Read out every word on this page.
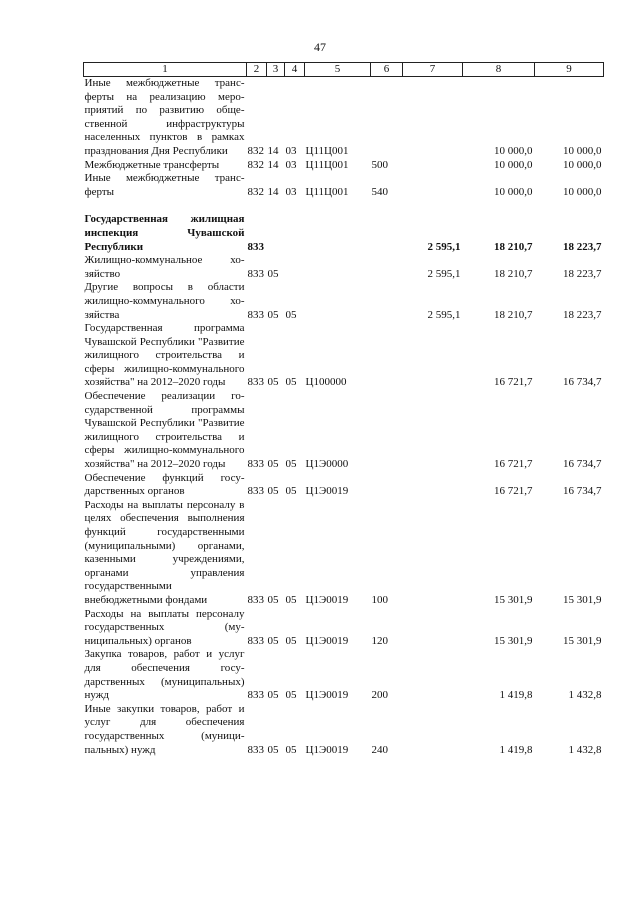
47
1	2	3	4	5	6	7	8	9
Иные межбюджетные трансферты на реализацию мероприятий по развитию общественной инфраструктуры населенных пунктов в рамках празднования Дня Республики	832	14	03	Ц11Ц001			10 000,0	10 000,0
Межбюджетные трансферты	832	14	03	Ц11Ц001	500		10 000,0	10 000,0
Иные межбюджетные трансферты	832	14	03	Ц11Ц001	540		10 000,0	10 000,0

Государственная жилищная инспекция Чувашской Республики	833					2 595,1	18 210,7	18 223,7
Жилищно-коммунальное хозяйство	833	05				2 595,1	18 210,7	18 223,7
Другие вопросы в области жилищно-коммунального хозяйства	833	05	05			2 595,1	18 210,7	18 223,7
Государственная программа Чувашской Республики "Развитие жилищного строительства и сферы жилищно-коммунального хозяйства" на 2012–2020 годы	833	05	05	Ц100000			16 721,7	16 734,7
Обеспечение реализации государственной программы Чувашской Республики "Развитие жилищного строительства и сферы жилищно-коммунального хозяйства" на 2012–2020 годы	833	05	05	Ц1Э0000			16 721,7	16 734,7
Обеспечение функций государственных органов	833	05	05	Ц1Э0019			16 721,7	16 734,7
Расходы на выплаты персоналу в целях обеспечения выполнения функций государственными (муниципальными) органами, казенными учреждениями, органами управления государственными внебюджетными фондами	833	05	05	Ц1Э0019	100		15 301,9	15 301,9
Расходы на выплаты персоналу государственных (муниципальных) органов	833	05	05	Ц1Э0019	120		15 301,9	15 301,9
Закупка товаров, работ и услуг для обеспечения государственных (муниципальных) нужд	833	05	05	Ц1Э0019	200		1 419,8	1 432,8
Иные закупки товаров, работ и услуг для обеспечения государственных (муниципальных) нужд	833	05	05	Ц1Э0019	240		1 419,8	1 432,8
